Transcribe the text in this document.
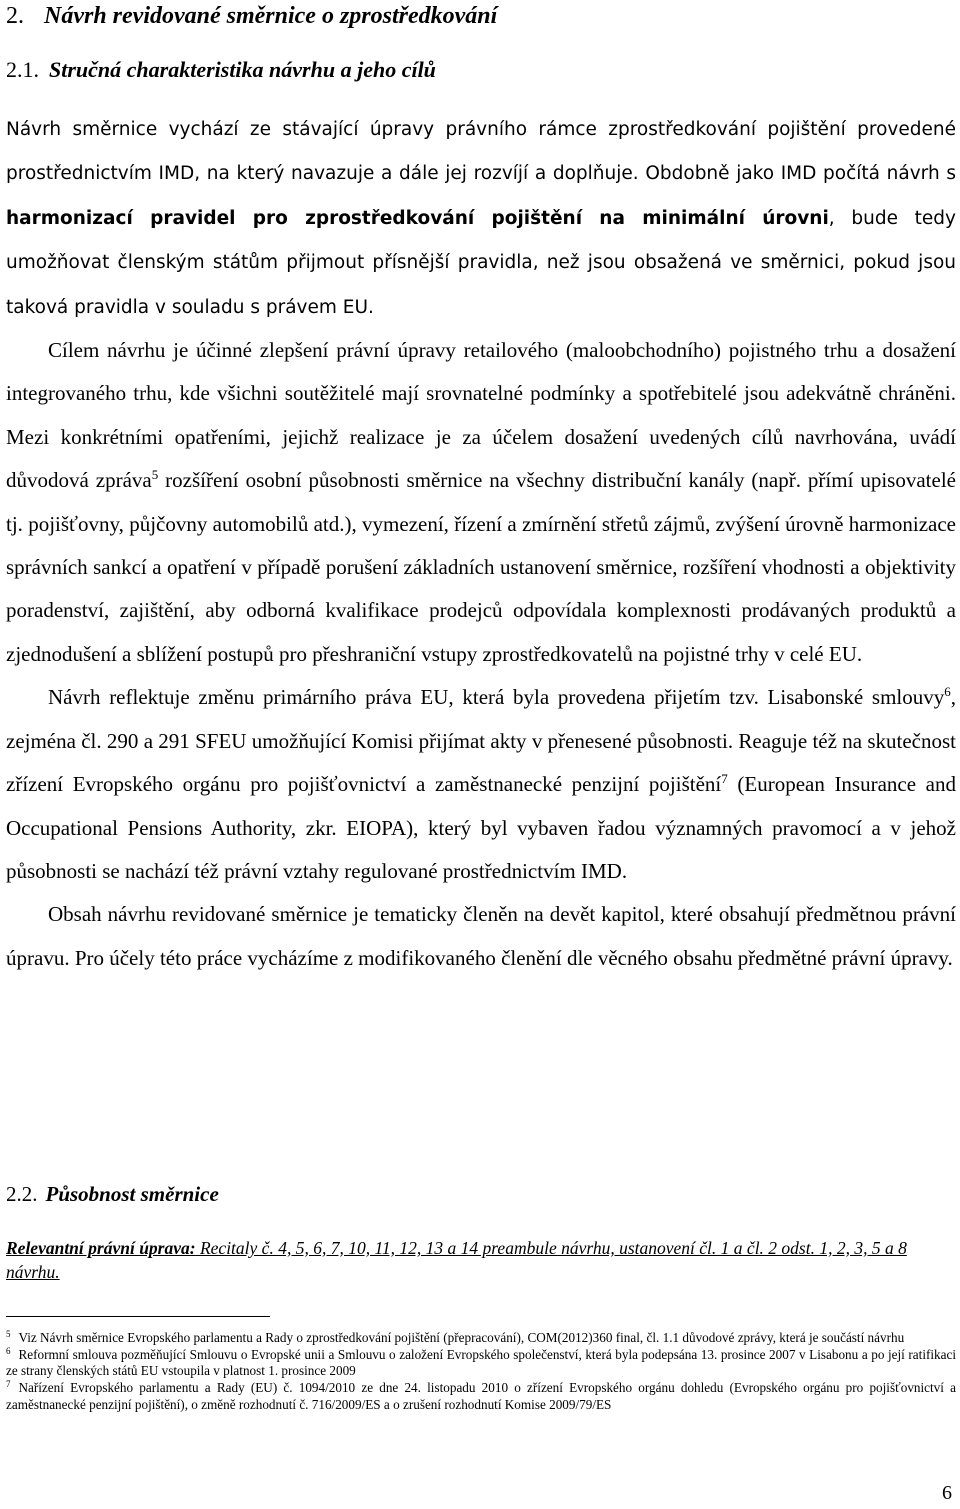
2. Návrh revidované směrnice o zprostředkování
2.1. Stručná charakteristika návrhu a jeho cílů

Návrh směrnice vychází ze stávající úpravy právního rámce zprostředkování pojištění provedené prostřednictvím IMD, na který navazuje a dále jej rozvíjí a doplňuje. Obdobně jako IMD počítá návrh s harmonizací pravidel pro zprostředkování pojištění na minimální úrovni, bude tedy umožňovat členským státům přijmout přísnější pravidla, než jsou obsažená ve směrnici, pokud jsou taková pravidla v souladu s právem EU.

Cílem návrhu je účinné zlepšení právní úpravy retailového (maloobchodního) pojistného trhu a dosažení integrovaného trhu, kde všichni soutěžitelé mají srovnatelné podmínky a spotřebitelé jsou adekvátně chráněni. Mezi konkrétními opatřeními, jejichž realizace je za účelem dosažení uvedených cílů navrhována, uvádí důvodová zpráva$^5$ rozšíření osobní působnosti směrnice na všechny distribuční kanály (např. přímí upisovatelé tj. pojišťovny, půjčovny automobilů atd.), vymezení, řízení a zmírnění střetů zájmů, zvýšení úrovně harmonizace správních sankcí a opatření v případě porušení základních ustanovení směrnice, rozšíření vhodnosti a objektivity poradenství, zajištění, aby odborná kvalifikace prodejců odpovídala komplexnosti prodávaných produktů a zjednodušení a sblížení postupů pro přeshraniční vstupy zprostředkovatelů na pojistné trhy v celé EU.

Návrh reflektuje změnu primárního práva EU, která byla provedena přijetím tzv. Lisabonské smlouvy$^6$, zejména čl. 290 a 291 SFEU umožňující Komisi přijímat akty v přenesené působnosti. Reaguje též na skutečnost zřízení Evropského orgánu pro pojišťovnictví a zaměstnanecké penzijní pojištění$^7$ (European Insurance and Occupational Pensions Authority, zkr. EIOPA), který byl vybaven řadou významných pravomocí a v jehož působnosti se nachází též právní vztahy regulované prostřednictvím IMD.

Obsah návrhu revidované směrnice je tematicky členěn na devět kapitol, které obsahují předmětnou právní úpravu. Pro účely této práce vycházíme z modifikovaného členění dle věcného obsahu předmětné právní úpravy.

2.2. Působnost směrnice

Relevantní právní úprava: Recitaly č. 4, 5, 6, 7, 10, 11, 12, 13 a 14 preambule návrhu, ustanovení čl. 1 a čl. 2 odst. 1, 2, 3, 5 a 8 návrhu.

$^5$ Viz Návrh směrnice Evropského parlamentu a Rady o zprostředkování pojištění (přepracování), COM(2012)360 final, čl. 1.1 důvodové zprávy, která je součástí návrhu

$^6$ Reformní smlouva pozměňující Smlouvu o Evropské unii a Smlouvu o založení Evropského společenství, která byla podepsána 13. prosince 2007 v Lisabonu a po její ratifikaci ze strany členských států EU vstoupila v platnost 1. prosince 2009

$^7$ Nařízení Evropského parlamentu a Rady (EU) č. 1094/2010 ze dne 24. listopadu 2010 o zřízení Evropského orgánu dohledu (Evropského orgánu pro pojišťovnictví a zaměstnanecké penzijní pojištění), o změně rozhodnutí č. 716/2009/ES a o zrušení rozhodnutí Komise 2009/79/ES

6
